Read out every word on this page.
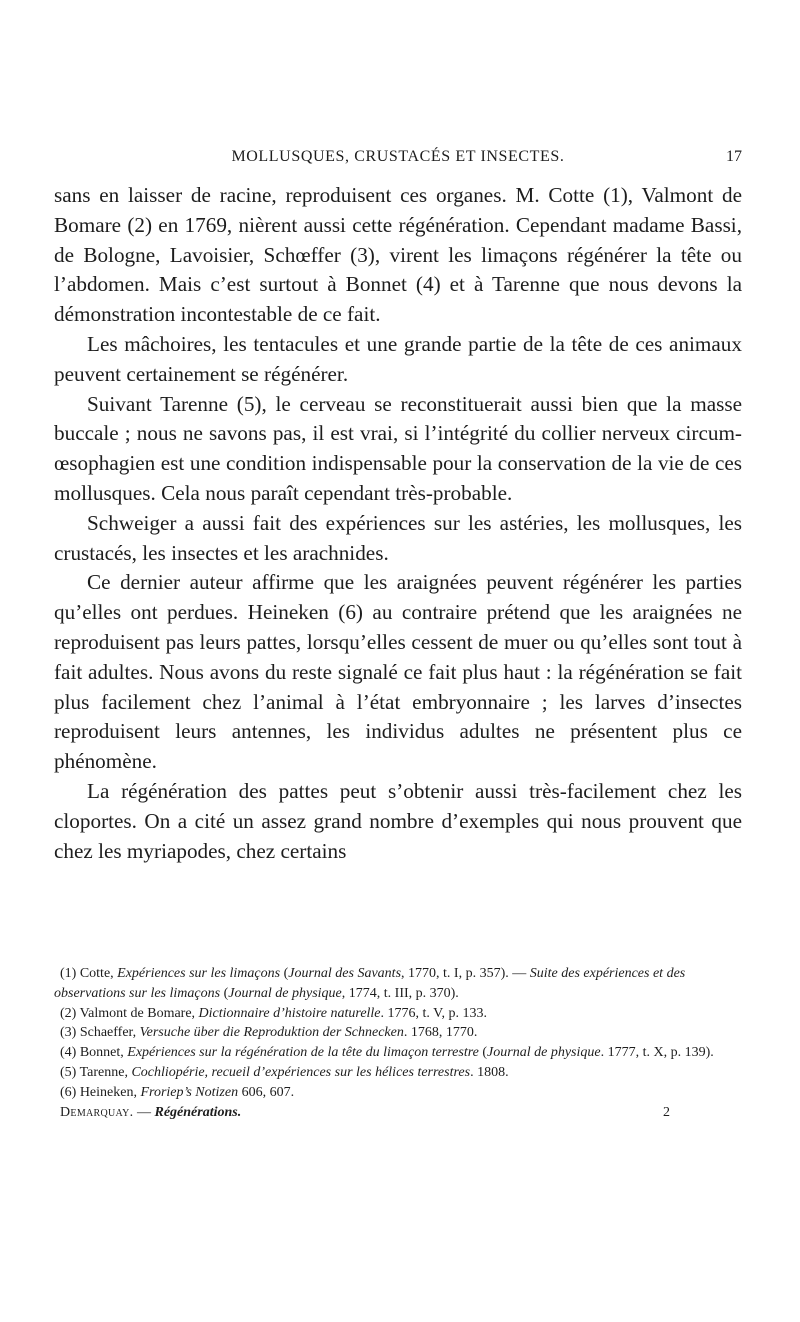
MOLLUSQUES, CRUSTACÉS ET INSECTES.	17

sans en laisser de racine, reproduisent ces organes. M. Cotte (1), Valmont de Bomare (2) en 1769, nièrent aussi cette régénération. Cependant madame Bassi, de Bologne, Lavoisier, Schœffer (3), virent les limaçons régénérer la tête ou l’abdomen. Mais c’est surtout à Bonnet (4) et à Tarenne que nous devons la démonstration incontestable de ce fait.

Les mâchoires, les tentacules et une grande partie de la tête de ces animaux peuvent certainement se régénérer.

Suivant Tarenne (5), le cerveau se reconstituerait aussi bien que la masse buccale ; nous ne savons pas, il est vrai, si l’intégrité du collier nerveux circum-œsophagien est une condition indispensable pour la conservation de la vie de ces mollusques. Cela nous paraît cependant très-probable.

Schweiger a aussi fait des expériences sur les astéries, les mollusques, les crustacés, les insectes et les arachnides.

Ce dernier auteur affirme que les araignées peuvent régénérer les parties qu’elles ont perdues. Heineken (6) au contraire prétend que les araignées ne reproduisent pas leurs pattes, lorsqu’elles cessent de muer ou qu’elles sont tout à fait adultes. Nous avons du reste signalé ce fait plus haut : la régénération se fait plus facilement chez l’animal à l’état embryonnaire ; les larves d’insectes reproduisent leurs antennes, les individus adultes ne présentent plus ce phénomène.

La régénération des pattes peut s’obtenir aussi très-facilement chez les cloportes. On a cité un assez grand nombre d’exemples qui nous prouvent que chez les myriapodes, chez certains

(1) Cotte, Expériences sur les limaçons (Journal des Savants, 1770, t. I, p. 357). — Suite des expériences et des observations sur les limaçons (Journal de physique, 1774, t. III, p. 370).

(2) Valmont de Bomare, Dictionnaire d’histoire naturelle. 1776, t. V, p. 133.

(3) Schaeffer, Versuche über die Reproduktion der Schnecken. 1768, 1770.

(4) Bonnet, Expériences sur la régénération de la tête du limaçon terrestre (Journal de physique. 1777, t. X, p. 139).

(5) Tarenne, Cochliopérie, recueil d’expériences sur les hélices terrestres. 1808.

(6) Heineken, Froriep’s Notizen 606, 607.

Demarquay. — Régénérations.	2
